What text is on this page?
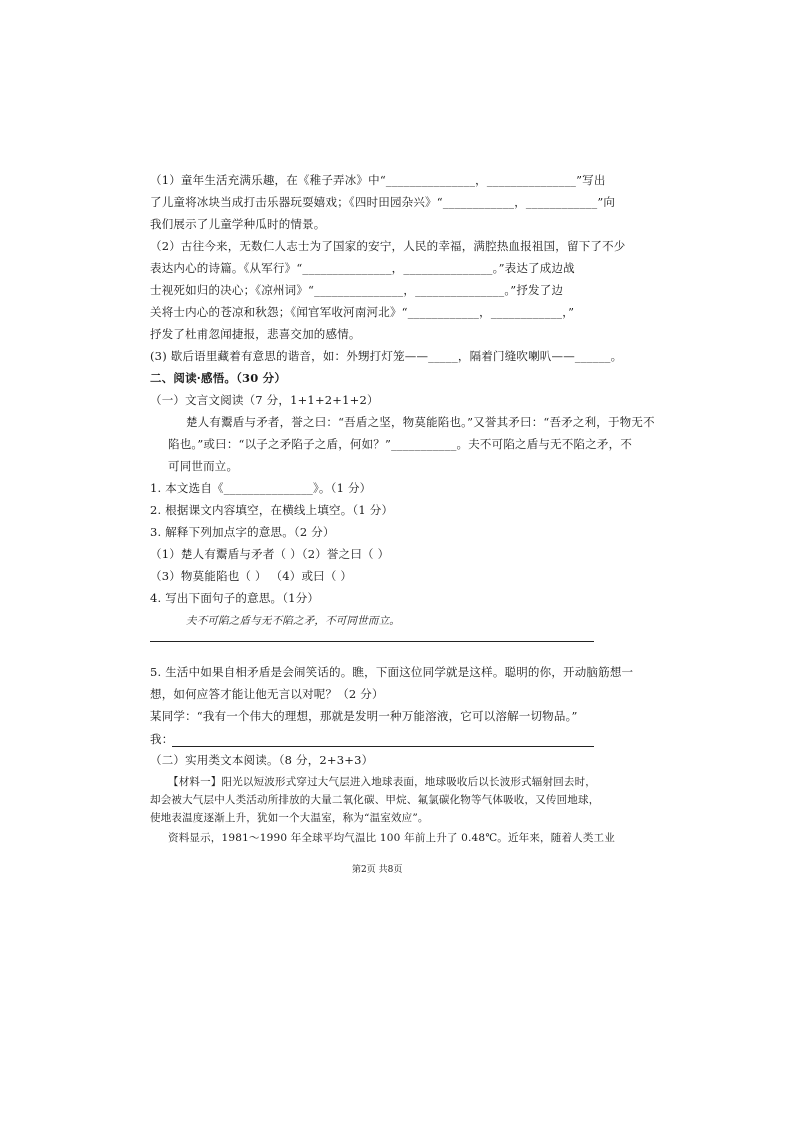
（1）童年生活充满乐趣，在《稚子弄冰》中“_______________，_______________”写出
了儿童将冰块当成打击乐器玩耍嬉戏；《四时田园杂兴》“____________，____________”向
我们展示了儿童学种瓜时的情景。
（2）古往今来，无数仁人志士为了国家的安宁，人民的幸福，满腔热血报祖国，留下了不少
表达内心的诗篇。《从军行》“_______________，_______________。”表达了成边战
士视死如归的决心；《凉州词》“_______________，_______________。”抒发了边
关将士内心的苍凉和秋怨；《闻官军收河南河北》“____________，____________，”
抒发了杜甫忽闻捷报，悲喜交加的感情。
(3) 歇后语里藏着有意思的谐音，如：外甥打灯笼——_____，隔着门缝吹喇叭——______。
二、阅读·感悟。（30 分）
（一）文言文阅读（7 分，1+1+2+1+2）
楚人有鬻盾与矛者，誉之曰：“吾盾之坚，物莫能陷也。”又誉其矛曰：“吾矛之利，于物无不
陷也。”或曰：“以子之矛陷子之盾，何如？”___________。夫不可陷之盾与无不陷之矛，不
可同世而立。
1. 本文选自《_______________》。（1 分）
2. 根据课文内容填空，在横线上填空。（1 分）
3. 解释下列加点字的意思。（2 分）
（1）楚人有鬻盾与矛者（ ）（2）誉之曰（ ）
（3）物莫能陷也（ ） （4）或曰（ ）
4. 写出下面句子的意思。（1分）
夫不可陷之盾与无不陷之矛，不可同世而立。
5. 生活中如果自相矛盾是会闹笑话的。瞧，下面这位同学就是这样。聪明的你，开动脑筋想一
想，如何应答才能让他无言以对呢？（2 分）
某同学：“我有一个伟大的理想，那就是发明一种万能溶液，它可以溶解一切物品。”
我：
（二）实用类文本阅读。（8 分，2+3+3）
【材料一】阳光以短波形式穿过大气层进入地球表面，地球吸收后以长波形式辐射回去时，
却会被大气层中人类活动所排放的大量二氧化碳、甲烷、氟氯碳化物等气体吸收，又传回地球，
使地表温度逐渐上升，犹如一个大温室，称为“温室效应”。
资料显示，1981～1990 年全球平均气温比 100 年前上升了 0.48℃。近年来，随着人类工业
第2页 共8页
